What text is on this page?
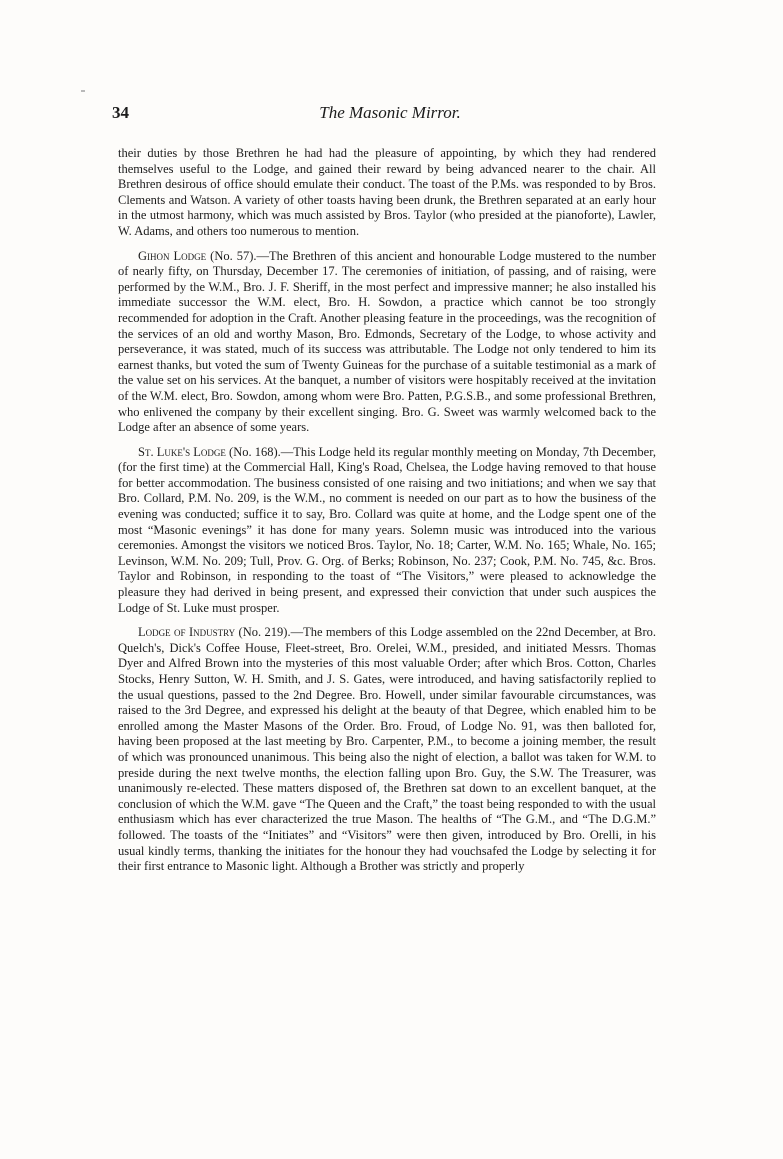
34	The Masonic Mirror.

their duties by those Brethren he had had the pleasure of appointing, by which they had rendered themselves useful to the Lodge, and gained their reward by being advanced nearer to the chair. All Brethren desirous of office should emulate their conduct. The toast of the P.Ms. was responded to by Bros. Clements and Watson. A variety of other toasts having been drunk, the Brethren separated at an early hour in the utmost harmony, which was much assisted by Bros. Taylor (who presided at the pianoforte), Lawler, W. Adams, and others too numerous to mention.

Gihon Lodge (No. 57).—The Brethren of this ancient and honourable Lodge mustered to the number of nearly fifty, on Thursday, December 17. The ceremonies of initiation, of passing, and of raising, were performed by the W.M., Bro. J. F. Sheriff, in the most perfect and impressive manner; he also installed his immediate successor the W.M. elect, Bro. H. Sowdon, a practice which cannot be too strongly recommended for adoption in the Craft. Another pleasing feature in the proceedings, was the recognition of the services of an old and worthy Mason, Bro. Edmonds, Secretary of the Lodge, to whose activity and perseverance, it was stated, much of its success was attributable. The Lodge not only tendered to him its earnest thanks, but voted the sum of Twenty Guineas for the purchase of a suitable testimonial as a mark of the value set on his services. At the banquet, a number of visitors were hospitably received at the invitation of the W.M. elect, Bro. Sowdon, among whom were Bro. Patten, P.G.S.B., and some professional Brethren, who enlivened the company by their excellent singing. Bro. G. Sweet was warmly welcomed back to the Lodge after an absence of some years.

St. Luke's Lodge (No. 168).—This Lodge held its regular monthly meeting on Monday, 7th December, (for the first time) at the Commercial Hall, King's Road, Chelsea, the Lodge having removed to that house for better accommodation. The business consisted of one raising and two initiations; and when we say that Bro. Collard, P.M. No. 209, is the W.M., no comment is needed on our part as to how the business of the evening was conducted; suffice it to say, Bro. Collard was quite at home, and the Lodge spent one of the most “Masonic evenings” it has done for many years. Solemn music was introduced into the various ceremonies. Amongst the visitors we noticed Bros. Taylor, No. 18; Carter, W.M. No. 165; Whale, No. 165; Levinson, W.M. No. 209; Tull, Prov. G. Org. of Berks; Robinson, No. 237; Cook, P.M. No. 745, &c. Bros. Taylor and Robinson, in responding to the toast of “The Visitors,” were pleased to acknowledge the pleasure they had derived in being present, and expressed their conviction that under such auspices the Lodge of St. Luke must prosper.

Lodge of Industry (No. 219).—The members of this Lodge assembled on the 22nd December, at Bro. Quelch's, Dick's Coffee House, Fleet-street, Bro. Orelei, W.M., presided, and initiated Messrs. Thomas Dyer and Alfred Brown into the mysteries of this most valuable Order; after which Bros. Cotton, Charles Stocks, Henry Sutton, W. H. Smith, and J. S. Gates, were introduced, and having satisfactorily replied to the usual questions, passed to the 2nd Degree. Bro. Howell, under similar favourable circumstances, was raised to the 3rd Degree, and expressed his delight at the beauty of that Degree, which enabled him to be enrolled among the Master Masons of the Order. Bro. Froud, of Lodge No. 91, was then balloted for, having been proposed at the last meeting by Bro. Carpenter, P.M., to become a joining member, the result of which was pronounced unanimous. This being also the night of election, a ballot was taken for W.M. to preside during the next twelve months, the election falling upon Bro. Guy, the S.W. The Treasurer, was unanimously re-elected. These matters disposed of, the Brethren sat down to an excellent banquet, at the conclusion of which the W.M. gave “The Queen and the Craft,” the toast being responded to with the usual enthusiasm which has ever characterized the true Mason. The healths of “The G.M., and “The D.G.M.” followed. The toasts of the “Initiates” and “Visitors” were then given, introduced by Bro. Orelli, in his usual kindly terms, thanking the initiates for the honour they had vouchsafed the Lodge by selecting it for their first entrance to Masonic light. Although a Brother was strictly and properly
